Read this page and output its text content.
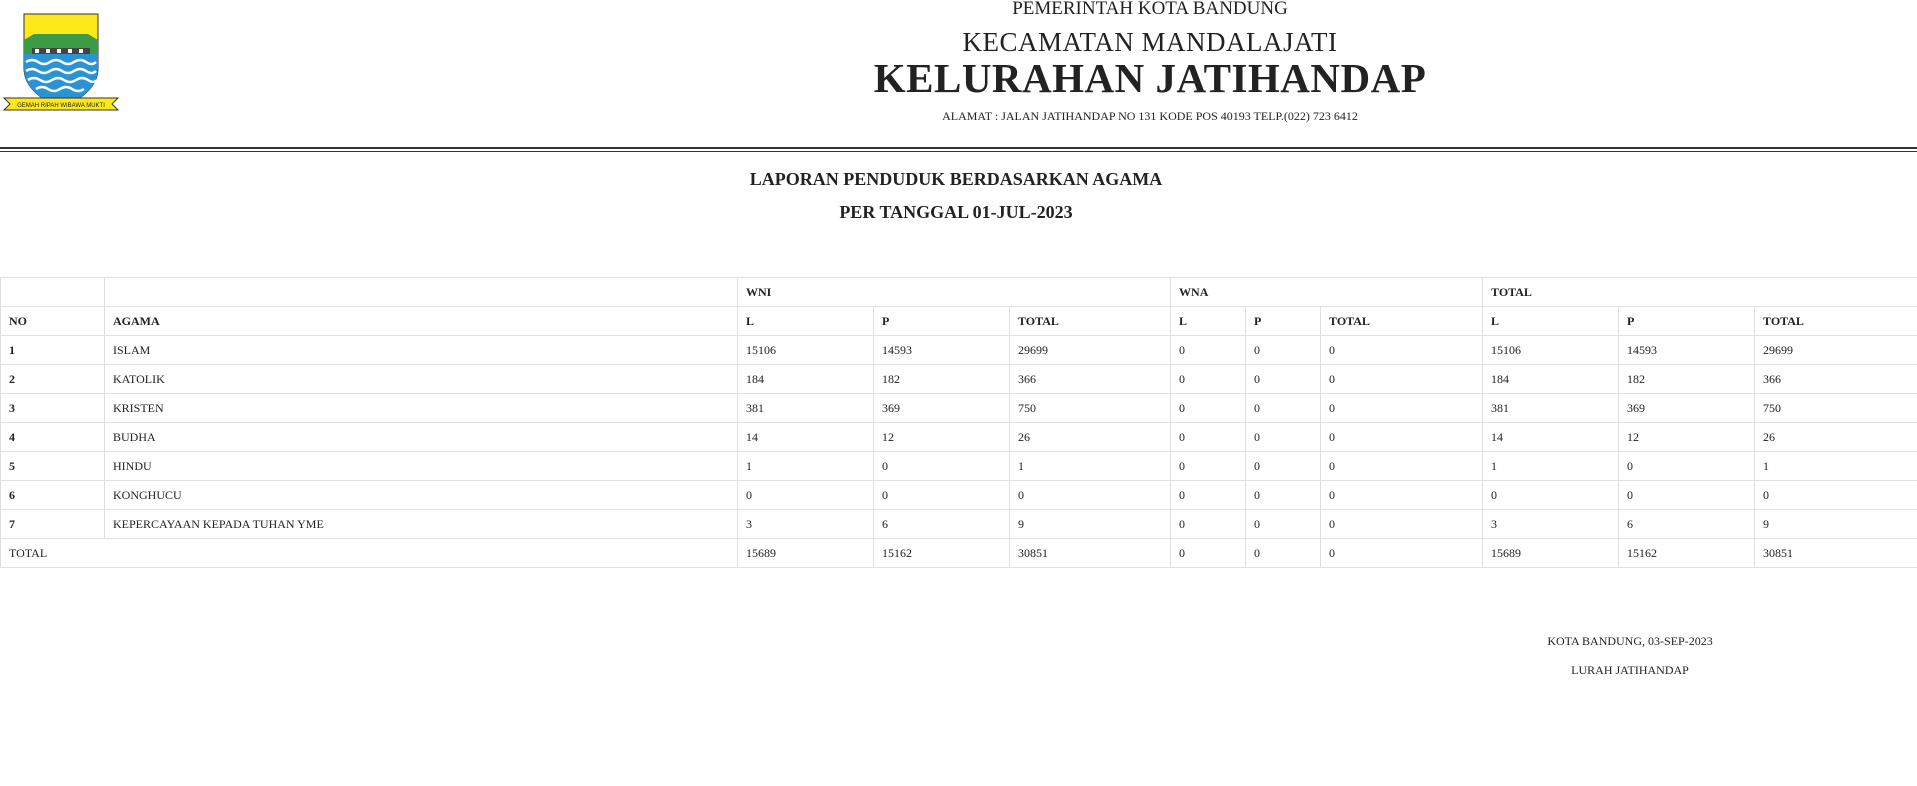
GEMAH RIPAH WIBAWA MUKTI
PEMERINTAH KOTA BANDUNG
KECAMATAN MANDALAJATI
KELURAHAN JATIHANDAP
ALAMAT : JALAN JATIHANDAP NO 131 KODE POS 40193 TELP.(022) 723 6412
LAPORAN PENDUDUK BERDASARKAN AGAMA
PER TANGGAL 01-JUL-2023
		WNI			WNA			TOTAL		
NO	AGAMA	L	P	TOTAL	L	P	TOTAL	L	P	TOTAL
1	ISLAM	15106	14593	29699	0	0	0	15106	14593	29699
2	KATOLIK	184	182	366	0	0	0	184	182	366
3	KRISTEN	381	369	750	0	0	0	381	369	750
4	BUDHA	14	12	26	0	0	0	14	12	26
5	HINDU	1	0	1	0	0	0	1	0	1
6	KONGHUCU	0	0	0	0	0	0	0	0	0
7	KEPERCAYAAN KEPADA TUHAN YME	3	6	9	0	0	0	3	6	9
TOTAL		15689	15162	30851	0	0	0	15689	15162	30851
KOTA BANDUNG, 03-SEP-2023
LURAH JATIHANDAP
